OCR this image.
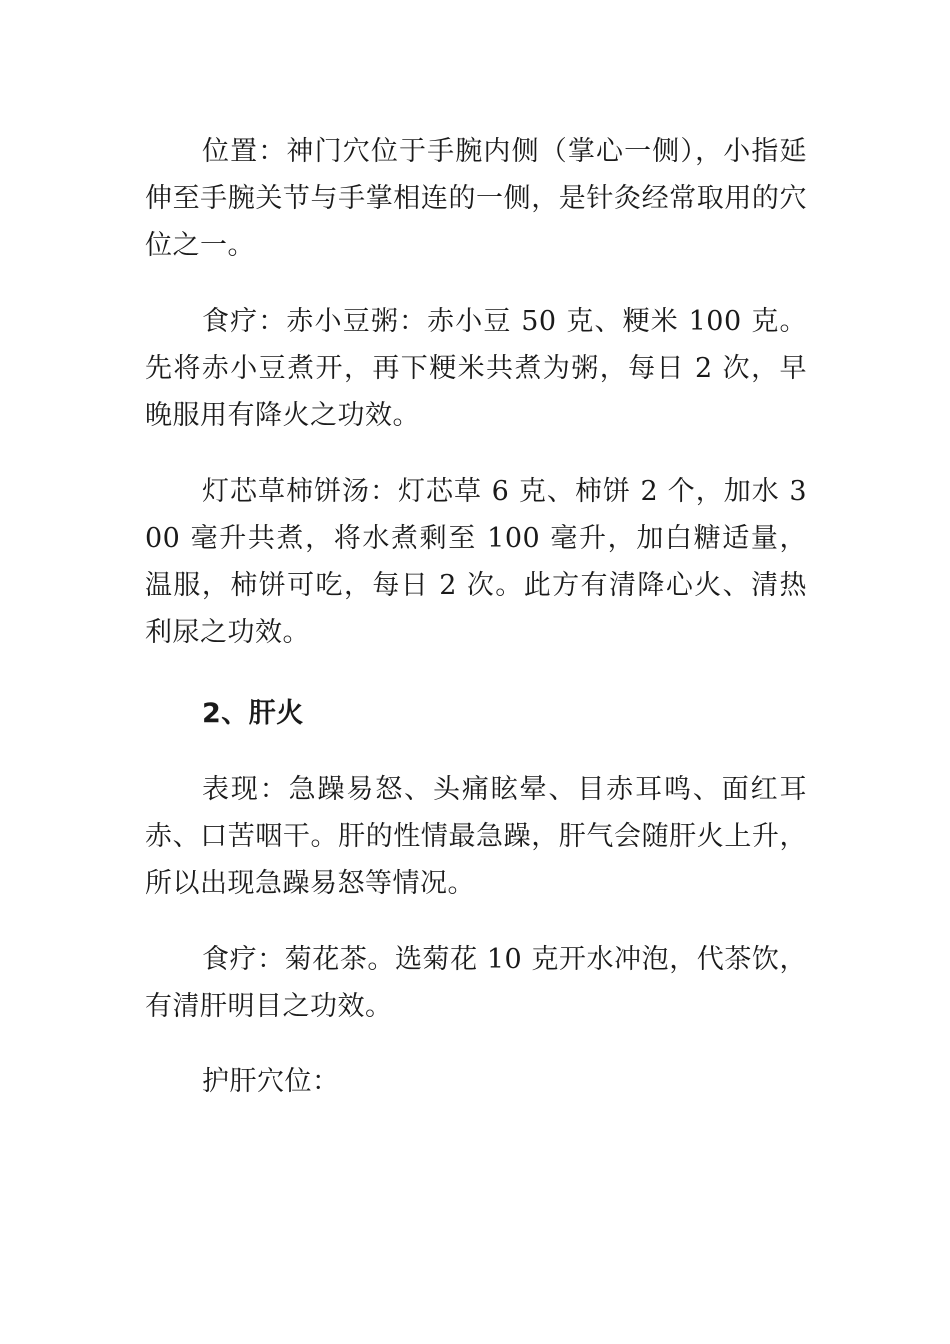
位置：神门穴位于手腕内侧（掌心一侧），小指延伸至手腕关节与手掌相连的一侧，是针灸经常取用的穴位之一。

食疗：赤小豆粥：赤小豆 50 克、粳米 100 克。先将赤小豆煮开，再下粳米共煮为粥，每日 2 次，早晚服用有降火之功效。

灯芯草柿饼汤：灯芯草 6 克、柿饼 2 个，加水 300 毫升共煮，将水煮剩至 100 毫升，加白糖适量，温服，柿饼可吃，每日 2 次。此方有清降心火、清热利尿之功效。

2、肝火

表现：急躁易怒、头痛眩晕、目赤耳鸣、面红耳赤、口苦咽干。肝的性情最急躁，肝气会随肝火上升，所以出现急躁易怒等情况。

食疗：菊花茶。选菊花 10 克开水冲泡，代茶饮，有清肝明目之功效。

护肝穴位：
